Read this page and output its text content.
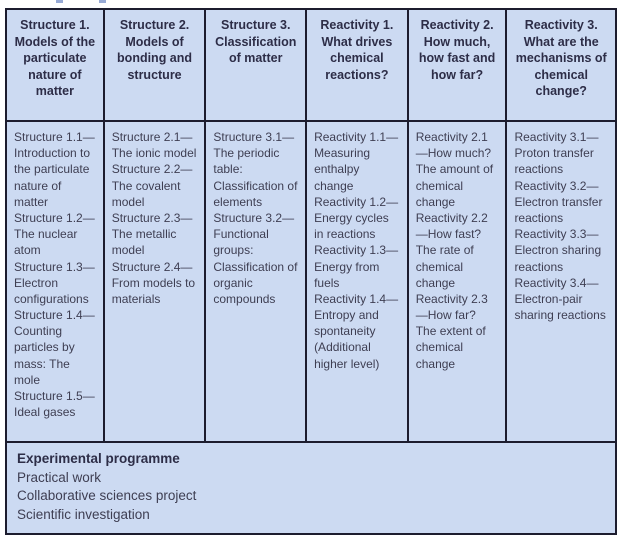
Structure 1. Models of the particulate nature of matter
Structure 2. Models of bonding and structure
Structure 3. Classification of matter
Reactivity 1. What drives chemical reactions?
Reactivity 2. How much, how fast and how far?
Reactivity 3. What are the mechanisms of chemical change?
Structure 1.1—Introduction to the particulate nature of matter
Structure 1.2—The nuclear atom
Structure 1.3—Electron configurations
Structure 1.4—Counting particles by mass: The mole
Structure 1.5—Ideal gases
Structure 2.1—The ionic model
Structure 2.2—The covalent model
Structure 2.3—The metallic model
Structure 2.4—From models to materials
Structure 3.1—The periodic table: Classification of elements
Structure 3.2—Functional groups: Classification of organic compounds
Reactivity 1.1—Measuring enthalpy change
Reactivity 1.2—Energy cycles in reactions
Reactivity 1.3—Energy from fuels
Reactivity 1.4—Entropy and spontaneity (Additional higher level)
Reactivity 2.1—How much? The amount of chemical change
Reactivity 2.2—How fast? The rate of chemical change
Reactivity 2.3—How far? The extent of chemical change
Reactivity 3.1—Proton transfer reactions
Reactivity 3.2—Electron transfer reactions
Reactivity 3.3—Electron sharing reactions
Reactivity 3.4—Electron-pair sharing reactions
Experimental programme
Practical work
Collaborative sciences project
Scientific investigation
